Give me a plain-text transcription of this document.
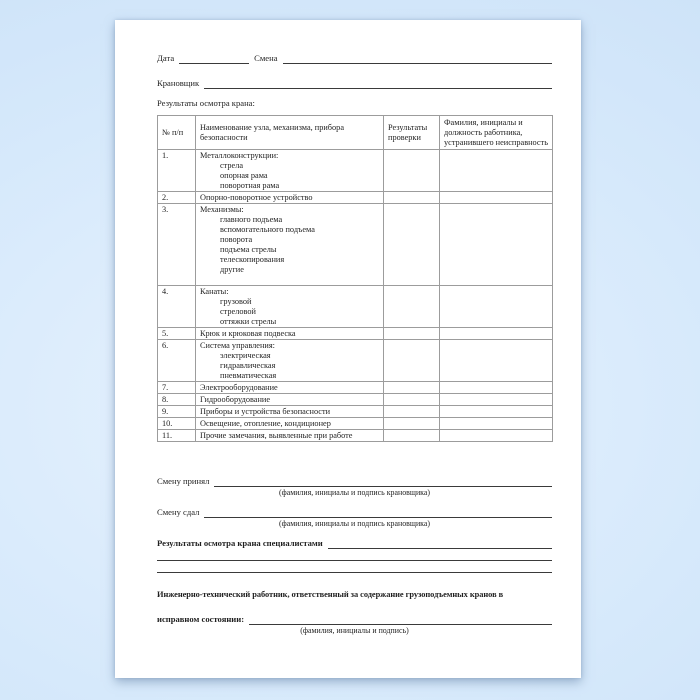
Дата	Смена
Крановщик
Результаты осмотра крана:
№ п/п	Наименование узла, механизма, прибора безопасности	Результаты проверки	Фамилия, инициалы и должность работника, устранившего неисправность
1.	Металлоконструкции:
стрела
опорная рама
поворотная рама		

2.	Опорно-поворотное устройство		

3.	Механизмы:
главного подъема
вспомогательного подъема
поворота
подъема стрелы
телескопирования
другие

4.	Канаты:
грузовой
стреловой
оттяжки стрелы		

5.	Крюк и крюковая подвеска		

6.	Система управления:
электрическая
гидравлическая
пневматическая		

7.	Электрооборудование		

8.	Гидрооборудование		

9.	Приборы и устройства безопасности		

10.	Освещение, отопление, кондиционер		

11.	Прочие замечания, выявленные при работе		

Смену принял
(фамилия, инициалы и подпись крановщика)
Смену сдал
(фамилия, инициалы и подпись крановщика)
Результаты осмотра крана специалистами
Инженерно-технический работник, ответственный за содержание грузоподъемных кранов в
исправном состоянии:
(фамилия, инициалы и подпись)
